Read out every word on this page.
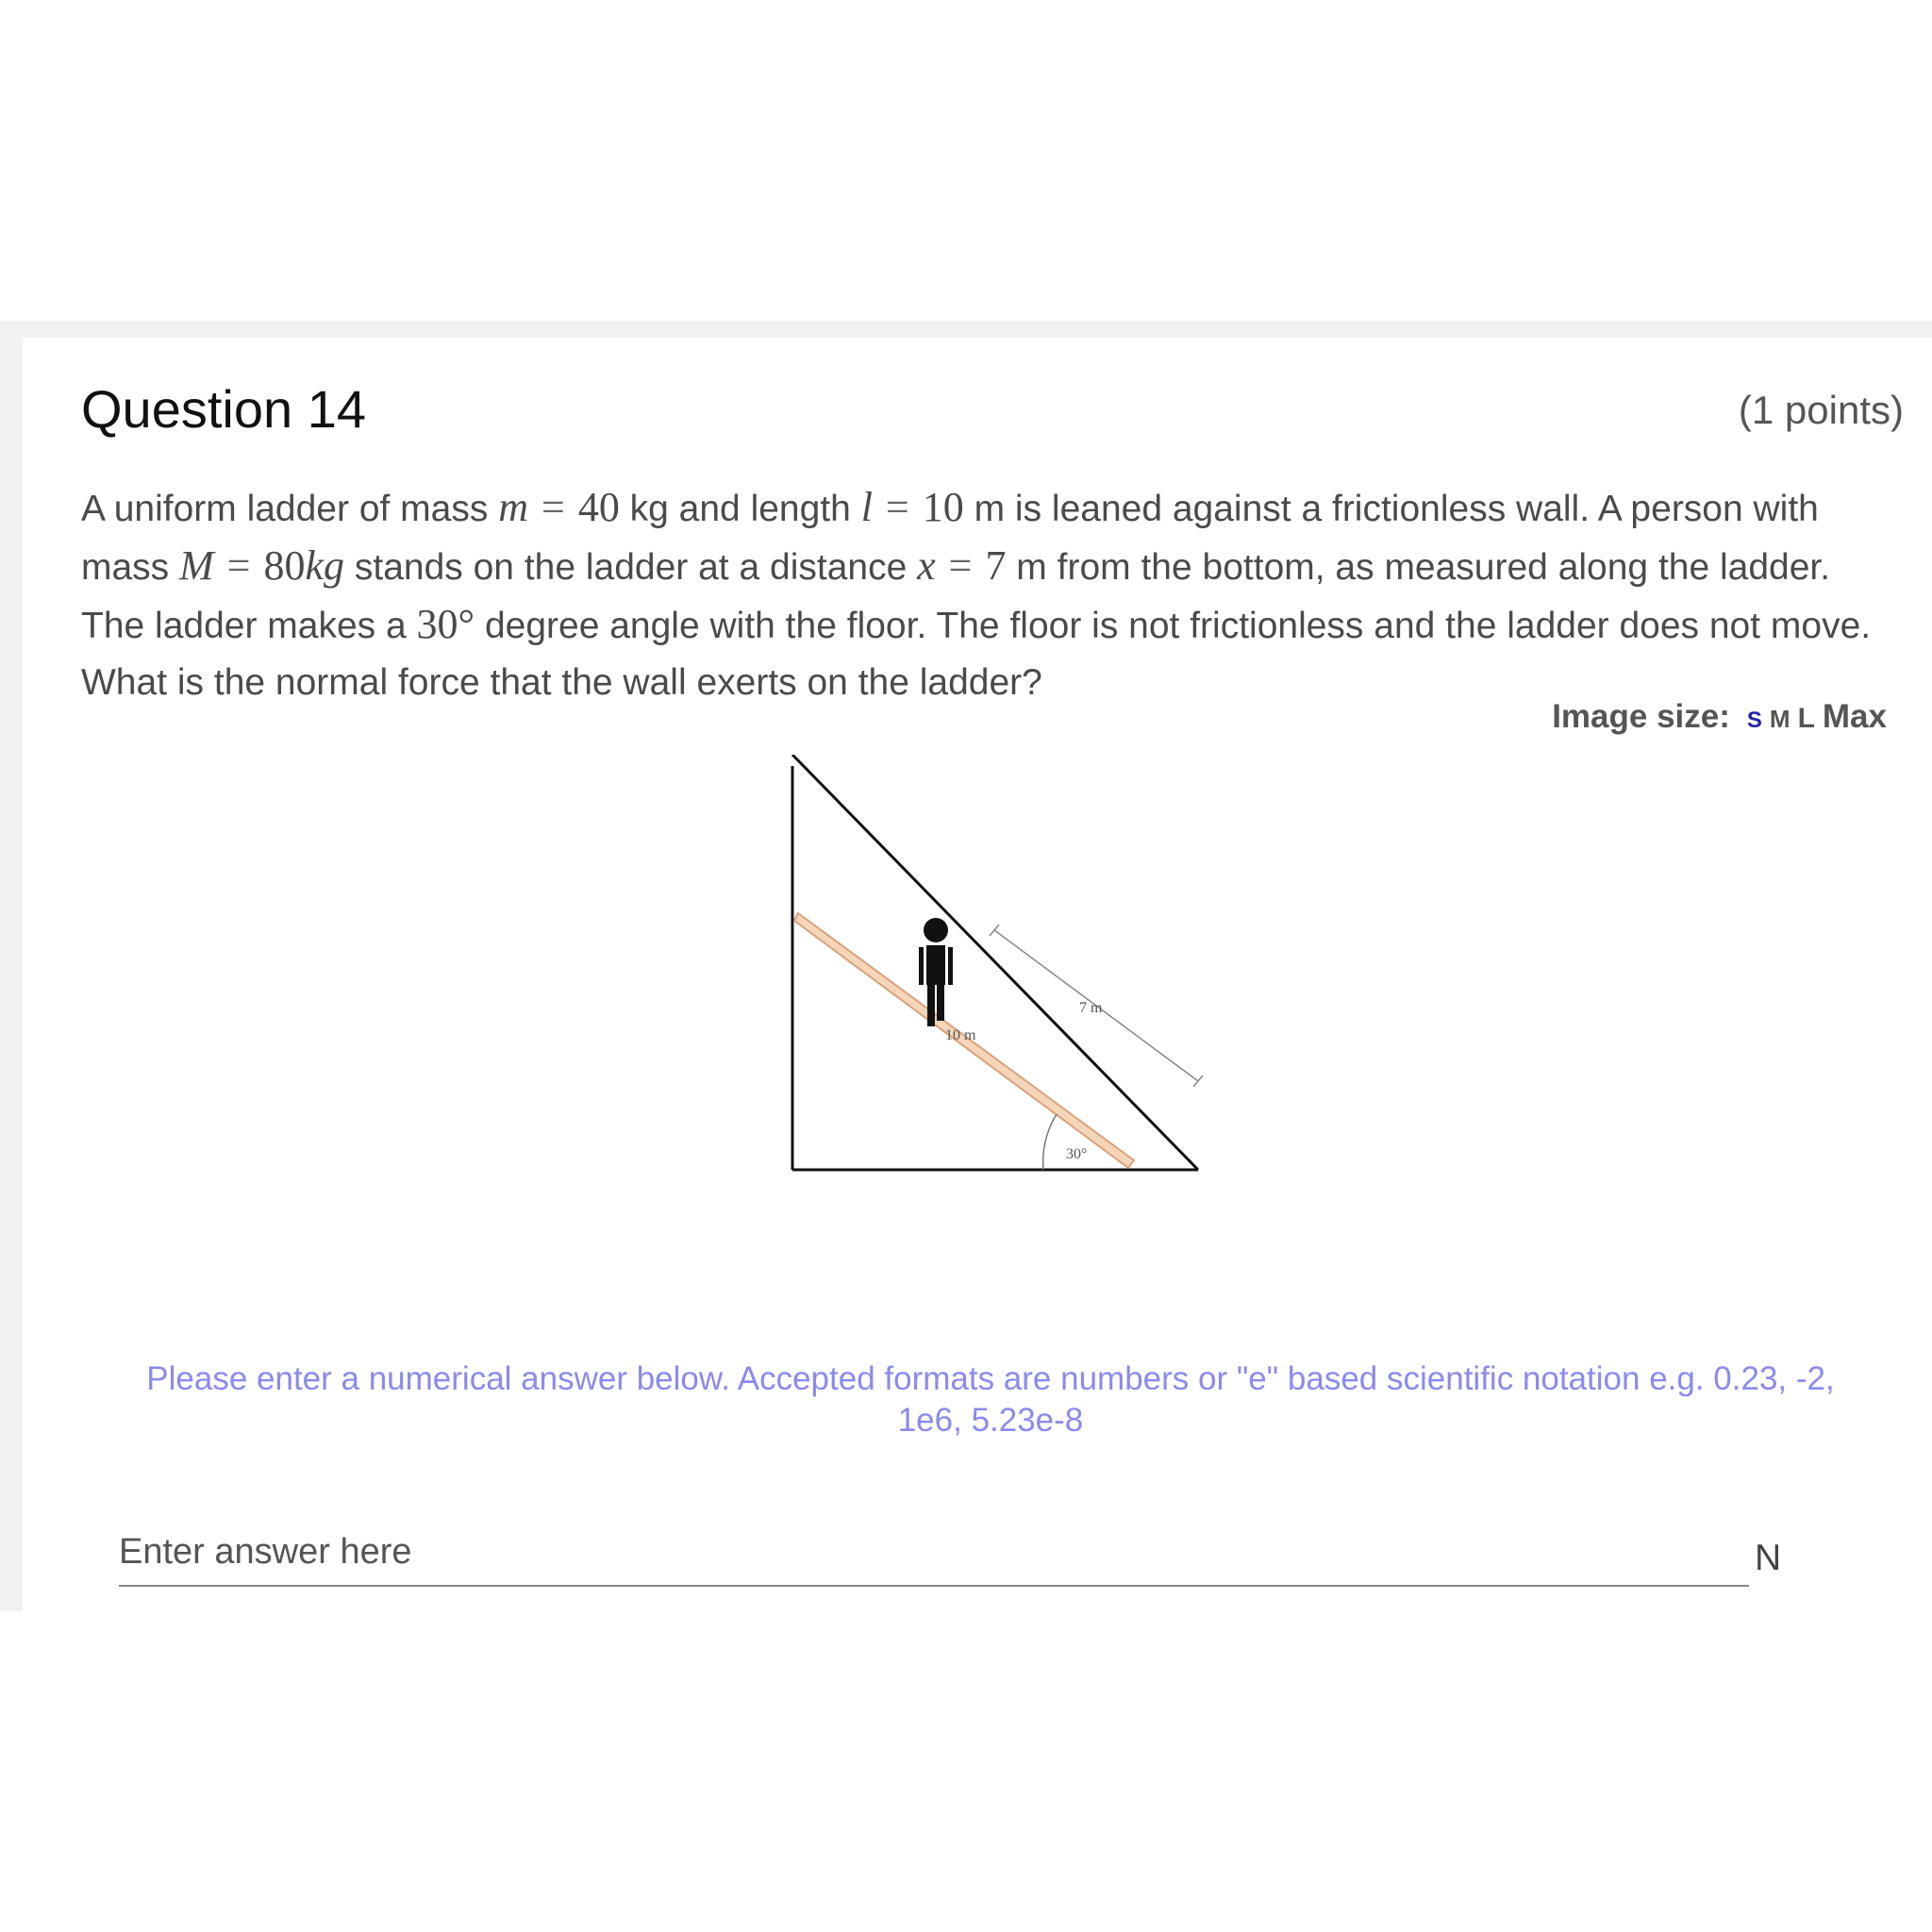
Question 14	(1 points)
A uniform ladder of mass m = 40 kg and length l = 10 m is leaned against a frictionless wall. A person with mass M = 80kg stands on the ladder at a distance x = 7 m from the bottom, as measured along the ladder. The ladder makes a 30° degree angle with the floor. The floor is not frictionless and the ladder does not move. What is the normal force that the wall exerts on the ladder?
Image size: S M L Max
30°
10 m
7 m
Please enter a numerical answer below. Accepted formats are numbers or "e" based scientific notation e.g. 0.23, -2, 1e6, 5.23e-8
Enter answer here
N
